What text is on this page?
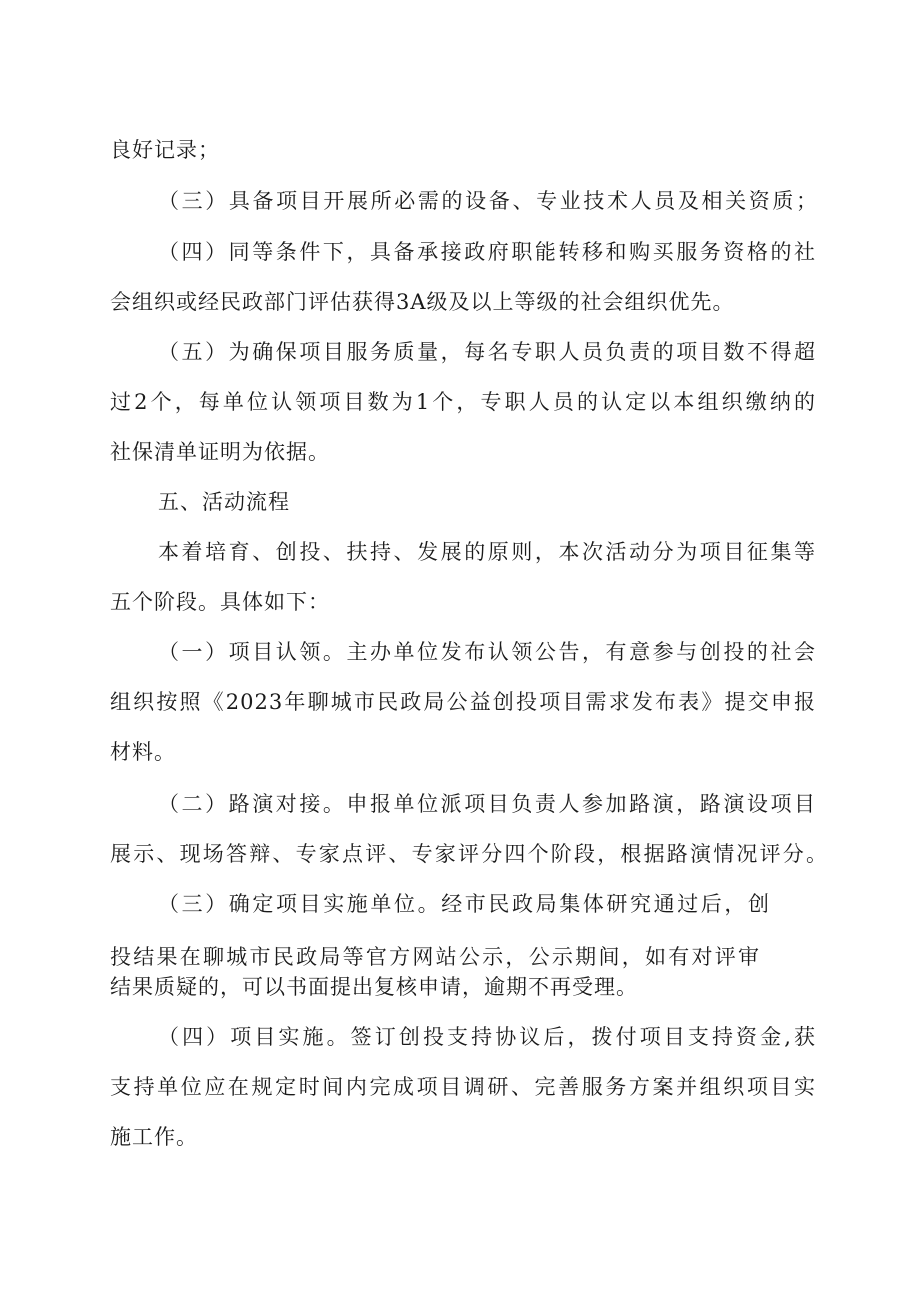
良好记录；
（三）具备项目开展所必需的设备、专业技术人员及相关资质；
（四）同等条件下，具备承接政府职能转移和购买服务资格的社
会组织或经民政部门评估获得3A级及以上等级的社会组织优先。
（五）为确保项目服务质量，每名专职人员负责的项目数不得超
过2个，每单位认领项目数为1个，专职人员的认定以本组织缴纳的
社保清单证明为依据。
五、活动流程
本着培育、创投、扶持、发展的原则，本次活动分为项目征集等
五个阶段。具体如下：
（一）项目认领。主办单位发布认领公告，有意参与创投的社会
组织按照《2023年聊城市民政局公益创投项目需求发布表》提交申报
材料。
（二）路演对接。申报单位派项目负责人参加路演，路演设项目
展示、现场答辩、专家点评、专家评分四个阶段，根据路演情况评分。
（三）确定项目实施单位。经市民政局集体研究通过后，创
投结果在聊城市民政局等官方网站公示，公示期间，如有对评审
结果质疑的，可以书面提出复核申请，逾期不再受理。
（四）项目实施。签订创投支持协议后，拨付项目支持资金,获
支持单位应在规定时间内完成项目调研、完善服务方案并组织项目实
施工作。
